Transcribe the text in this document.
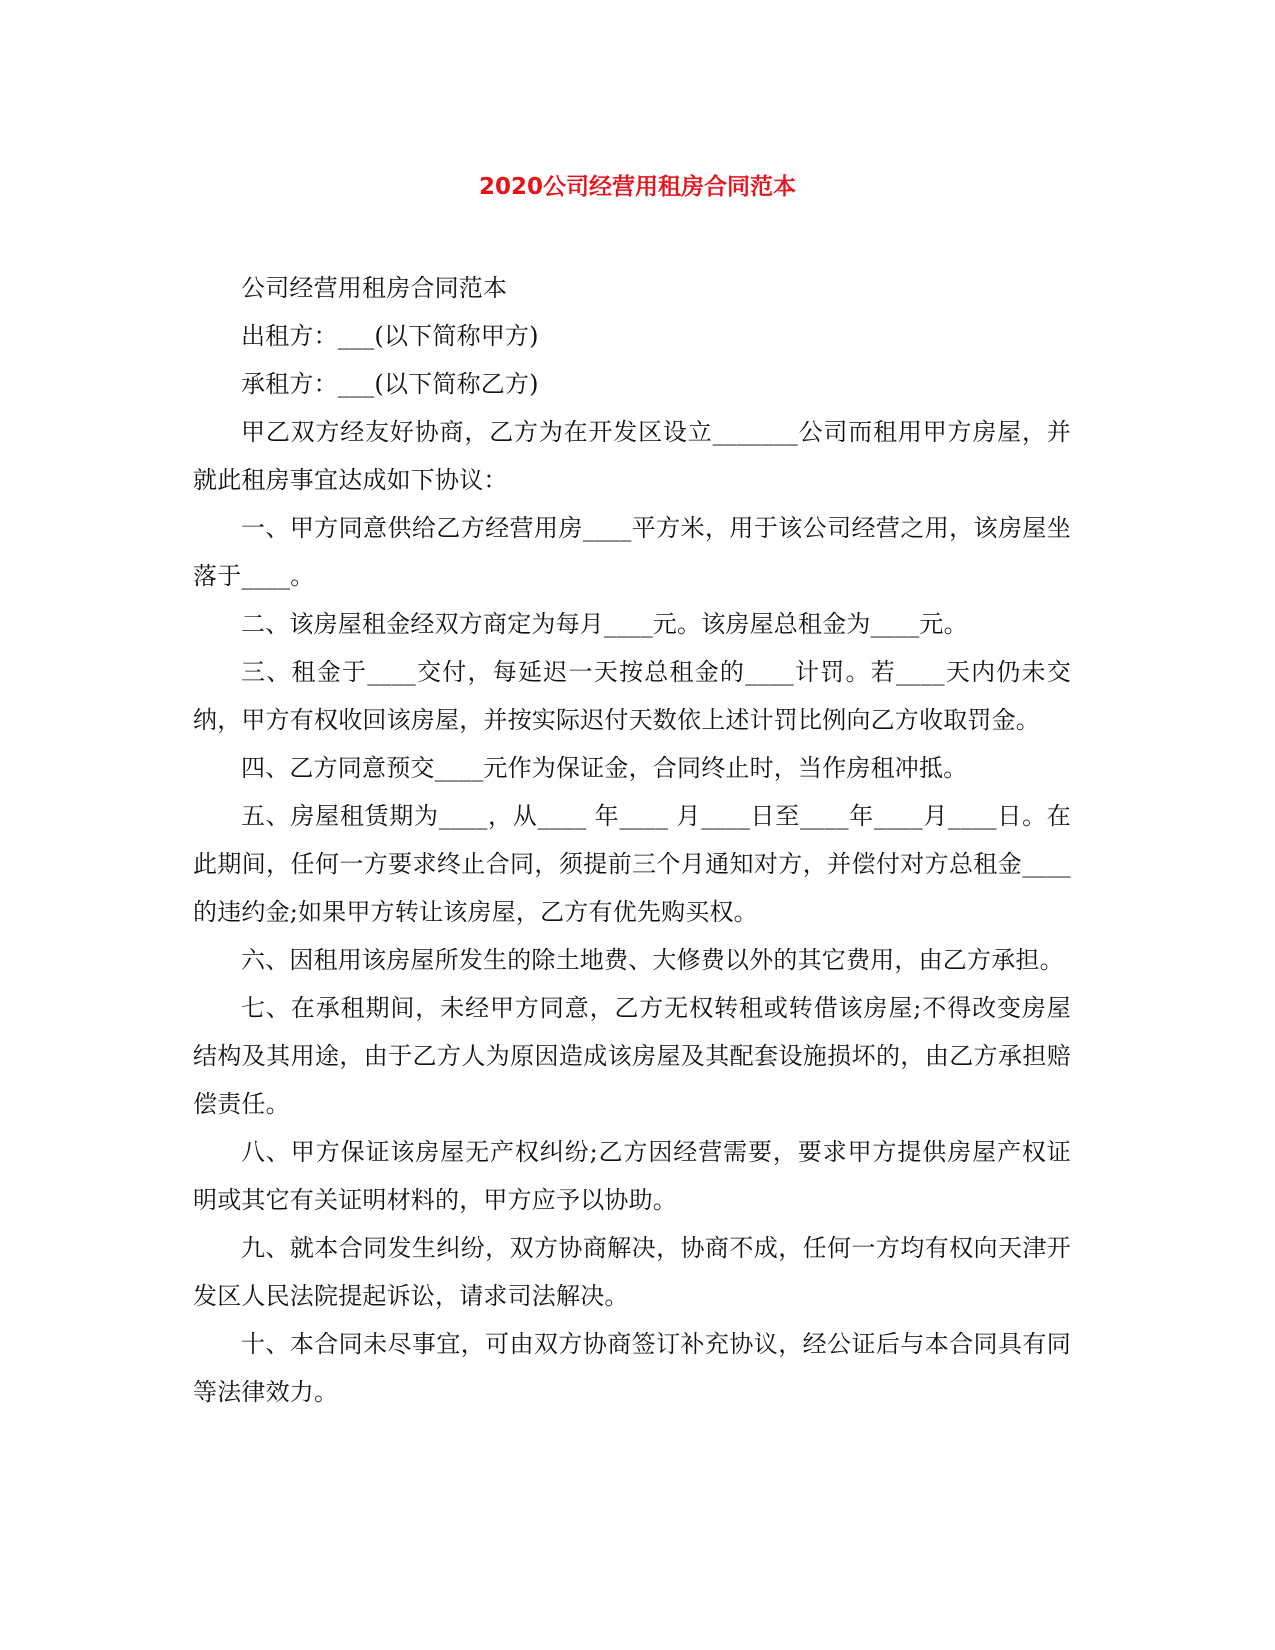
2020公司经营用租房合同范本

公司经营用租房合同范本

出租方：___(以下简称甲方)

承租方：___(以下简称乙方)

甲乙双方经友好协商，乙方为在开发区设立_______公司而租用甲方房屋，并就此租房事宜达成如下协议：

一、甲方同意供给乙方经营用房____平方米，用于该公司经营之用，该房屋坐落于____。

二、该房屋租金经双方商定为每月____元。该房屋总租金为____元。

三、租金于____交付，每延迟一天按总租金的____计罚。若____天内仍未交纳，甲方有权收回该房屋，并按实际迟付天数依上述计罚比例向乙方收取罚金。

四、乙方同意预交____元作为保证金，合同终止时，当作房租冲抵。

五、房屋租赁期为____，从____ 年____ 月____日至____年____月____日。在此期间，任何一方要求终止合同，须提前三个月通知对方，并偿付对方总租金____的违约金;如果甲方转让该房屋，乙方有优先购买权。

六、因租用该房屋所发生的除土地费、大修费以外的其它费用，由乙方承担。

七、在承租期间，未经甲方同意，乙方无权转租或转借该房屋;不得改变房屋结构及其用途，由于乙方人为原因造成该房屋及其配套设施损坏的，由乙方承担赔偿责任。

八、甲方保证该房屋无产权纠纷;乙方因经营需要，要求甲方提供房屋产权证明或其它有关证明材料的，甲方应予以协助。

九、就本合同发生纠纷，双方协商解决，协商不成，任何一方均有权向天津开发区人民法院提起诉讼，请求司法解决。

十、本合同未尽事宜，可由双方协商签订补充协议，经公证后与本合同具有同等法律效力。
